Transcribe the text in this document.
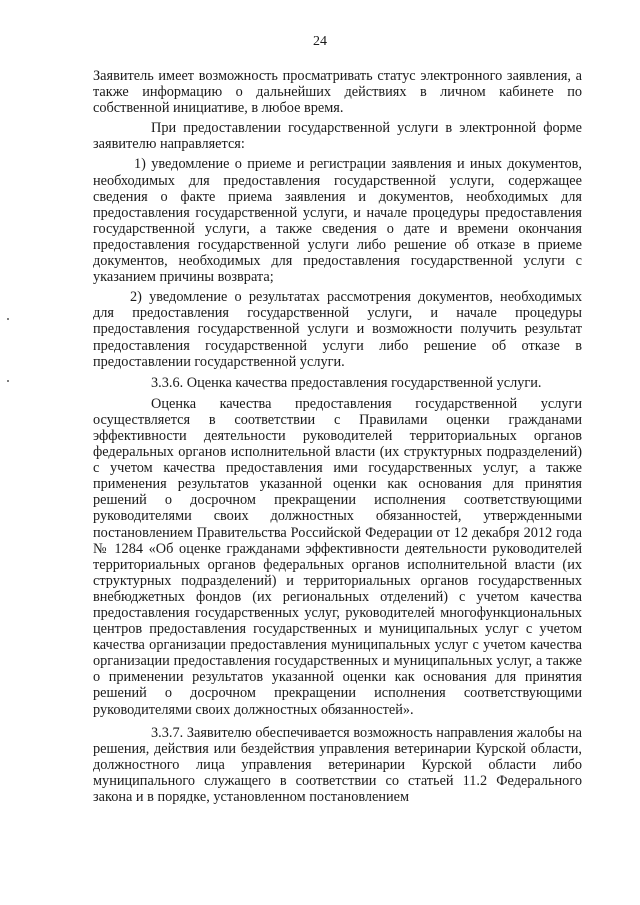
24

Заявитель имеет возможность просматривать статус электронного заявления, а также информацию о дальнейших действиях в личном кабинете по собственной инициативе, в любое время.

При предоставлении государственной услуги в электронной форме заявителю направляется:

1) уведомление о приеме и регистрации заявления и иных документов, необходимых для предоставления государственной услуги, содержащее сведения о факте приема заявления и документов, необходимых для предоставления государственной услуги, и начале процедуры предоставления государственной услуги, а также сведения о дате и времени окончания предоставления государственной услуги либо решение об отказе в приеме документов, необходимых для предоставления государственной услуги с указанием причины возврата;

2) уведомление о результатах рассмотрения документов, необходимых для предоставления государственной услуги, и начале процедуры предоставления государственной услуги и возможности получить результат предоставления государственной услуги либо решение об отказе в предоставлении государственной услуги.

3.3.6. Оценка качества предоставления государственной услуги.

Оценка качества предоставления государственной услуги осуществляется в соответствии с Правилами оценки гражданами эффективности деятельности руководителей территориальных органов федеральных органов исполнительной власти (их структурных подразделений) с учетом качества предоставления ими государственных услуг, а также применения результатов указанной оценки как основания для принятия решений о досрочном прекращении исполнения соответствующими руководителями своих должностных обязанностей, утвержденными постановлением Правительства Российской Федерации от 12 декабря 2012 года № 1284 «Об оценке гражданами эффективности деятельности руководителей территориальных органов федеральных органов исполнительной власти (их структурных подразделений) и территориальных органов государственных внебюджетных фондов (их региональных отделений) с учетом качества предоставления государственных услуг, руководителей многофункциональных центров предоставления государственных и муниципальных услуг с учетом качества организации предоставления муниципальных услуг с учетом качества организации предоставления государственных и муниципальных услуг, а также о применении результатов указанной оценки как основания для принятия решений о досрочном прекращении исполнения соответствующими руководителями своих должностных обязанностей».

3.3.7. Заявителю обеспечивается возможность направления жалобы на решения, действия или бездействия управления ветеринарии Курской области, должностного лица управления ветеринарии Курской области либо муниципального служащего в соответствии со статьей 11.2 Федерального закона и в порядке, установленном постановлением
